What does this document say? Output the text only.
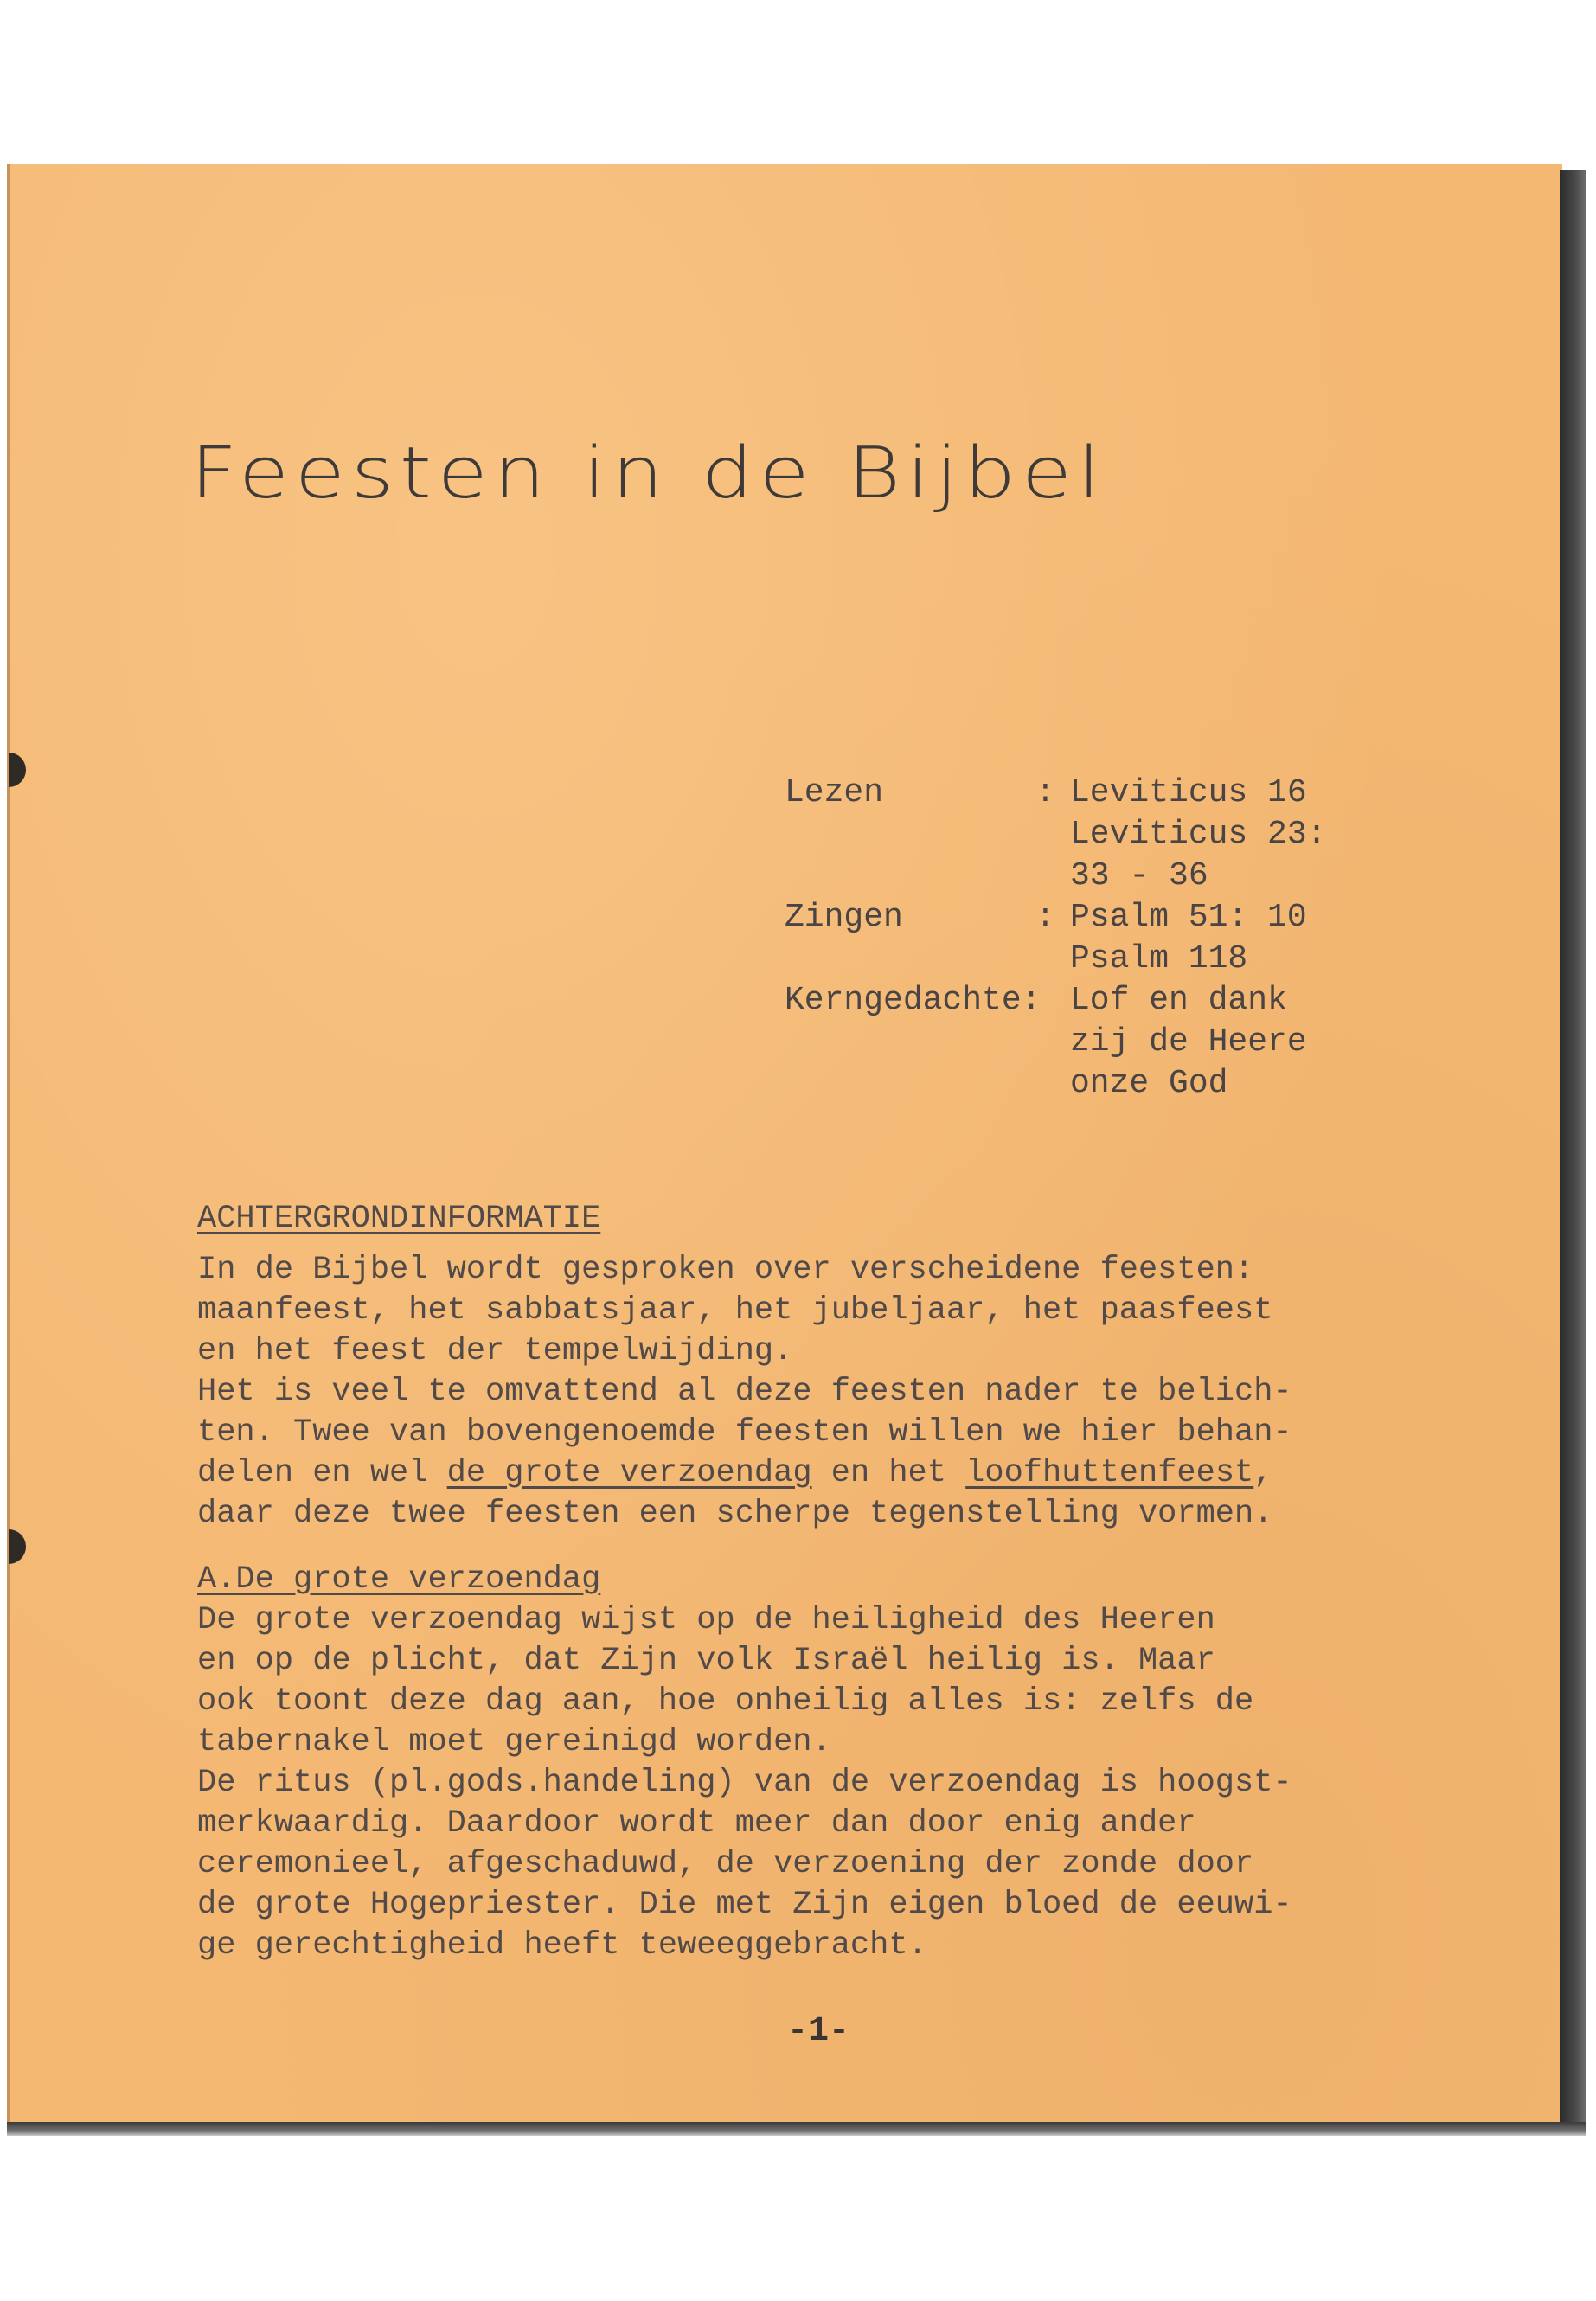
Feesten in de Bijbel
Lezen	: Leviticus 16
Leviticus 23:
33 - 36
Zingen	: Psalm 51: 10
Psalm 118
Kerngedachte: Lof en dank
zij de Heere
onze God
ACHTERGRONDINFORMATIE
In de Bijbel wordt gesproken over verscheidene feesten:
maanfeest, het sabbatsjaar, het jubeljaar, het paasfeest
en het feest der tempelwijding.
Het is veel te omvattend al deze feesten nader te belich-
ten. Twee van bovengenoemde feesten willen we hier behan-
delen en wel de grote verzoendag en het loofhuttenfeest,
daar deze twee feesten een scherpe tegenstelling vormen.
A.De grote verzoendag
De grote verzoendag wijst op de heiligheid des Heeren
en op de plicht, dat Zijn volk Israël heilig is. Maar
ook toont deze dag aan, hoe onheilig alles is: zelfs de
tabernakel moet gereinigd worden.
De ritus (pl.gods.handeling) van de verzoendag is hoogst-
merkwaardig. Daardoor wordt meer dan door enig ander
ceremonieel, afgeschaduwd, de verzoening der zonde door
de grote Hogepriester. Die met Zijn eigen bloed de eeuwi-
ge gerechtigheid heeft teweeggebracht.
-1-
